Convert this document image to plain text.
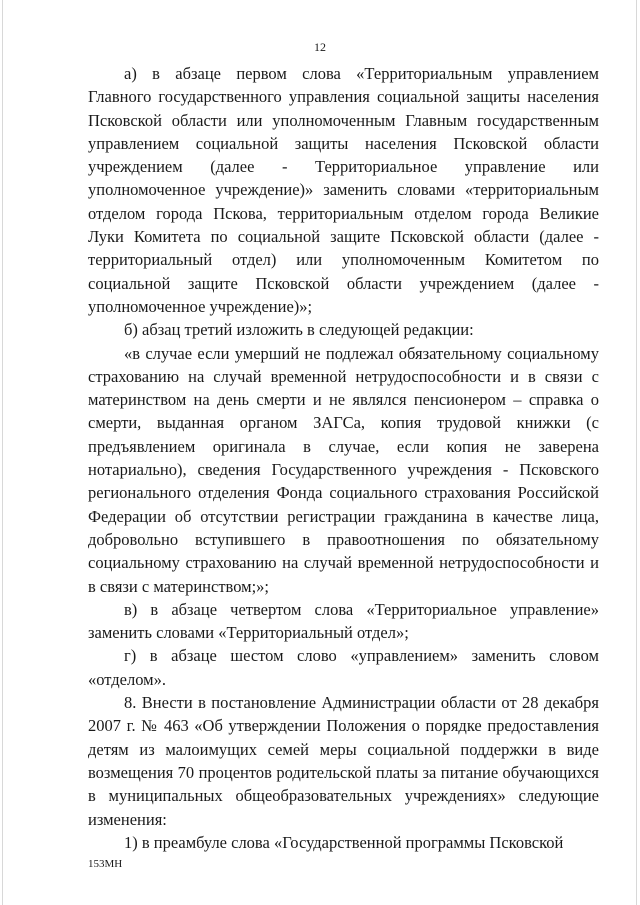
12

а) в абзаце первом слова «Территориальным управлением Главного государственного управления социальной защиты населения Псковской области или уполномоченным Главным государственным управлением социальной защиты населения Псковской области учреждением (далее - Территориальное управление или уполномоченное учреждение)» заменить словами «территориальным отделом города Пскова, территориальным отделом города Великие Луки Комитета по социальной защите Псковской области (далее - территориальный отдел) или уполномоченным Комитетом по социальной защите Псковской области учреждением (далее - уполномоченное учреждение)»;

б) абзац третий изложить в следующей редакции:

«в случае если умерший не подлежал обязательному социальному страхованию на случай временной нетрудоспособности и в связи с материнством на день смерти и не являлся пенсионером – справка о смерти, выданная органом ЗАГСа, копия трудовой книжки (с предъявлением оригинала в случае, если копия не заверена нотариально), сведения Государственного учреждения - Псковского регионального отделения Фонда социального страхования Российской Федерации об отсутствии регистрации гражданина в качестве лица, добровольно вступившего в правоотношения по обязательному социальному страхованию на случай временной нетрудоспособности и в связи с материнством;»;

в) в абзаце четвертом слова «Территориальное управление» заменить словами «Территориальный отдел»;

г) в абзаце шестом слово «управлением» заменить словом «отделом».

8. Внести в постановление Администрации области от 28 декабря 2007 г. № 463 «Об утверждении Положения о порядке предоставления детям из малоимущих семей меры социальной поддержки в виде возмещения 70 процентов родительской платы за питание обучающихся в муниципальных общеобразовательных учреждениях» следующие изменения:

1) в преамбуле слова «Государственной программы Псковской

153МН
